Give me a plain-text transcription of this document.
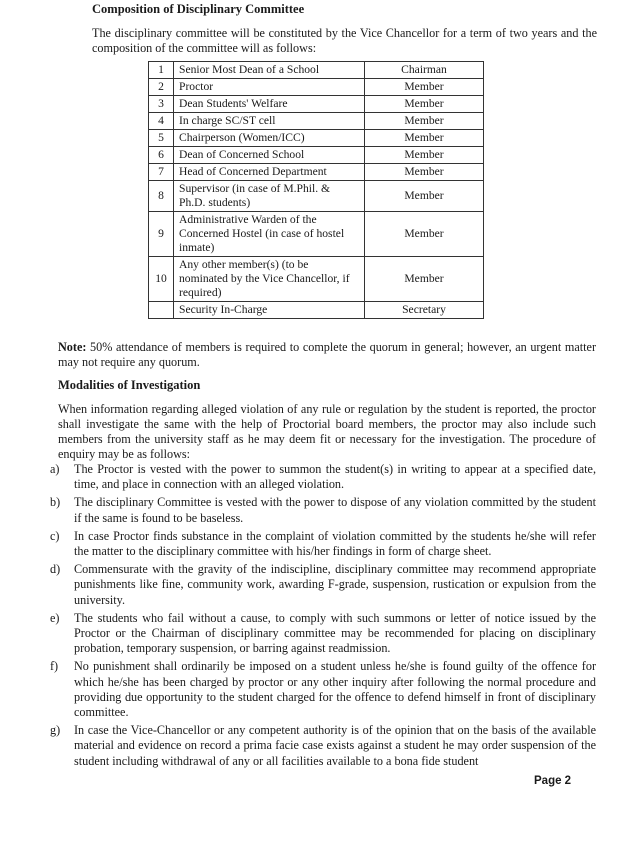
Composition of Disciplinary Committee
The disciplinary committee will be constituted by the Vice Chancellor for a term of two years and the composition of the committee will as follows:
1	Senior Most Dean of a School	Chairman
2	Proctor	Member
3	Dean Students' Welfare	Member
4	In charge SC/ST cell	Member
5	Chairperson (Women/ICC)	Member
6	Dean of Concerned School	Member
7	Head of Concerned Department	Member
8	Supervisor (in case of M.Phil. & Ph.D. students)	Member
9	Administrative Warden of the Concerned Hostel (in case of hostel inmate)	Member
10	Any other member(s) (to be nominated by the Vice Chancellor, if required)	Member
	Security In-Charge	Secretary
Note: 50% attendance of members is required to complete the quorum in general; however, an urgent matter may not require any quorum.
Modalities of Investigation
When information regarding alleged violation of any rule or regulation by the student is reported, the proctor shall investigate the same with the help of Proctorial board members, the proctor may also include such members from the university staff as he may deem fit or necessary for the investigation. The procedure of enquiry may be as follows:
a)	The Proctor is vested with the power to summon the student(s) in writing to appear at a specified date, time, and place in connection with an alleged violation.
b)	The disciplinary Committee is vested with the power to dispose of any violation committed by the student if the same is found to be baseless.
c)	In case Proctor finds substance in the complaint of violation committed by the students he/she will refer the matter to the disciplinary committee with his/her findings in form of charge sheet.
d)	Commensurate with the gravity of the indiscipline, disciplinary committee may recommend appropriate punishments like fine, community work, awarding F-grade, suspension, rustication or expulsion from the university.
e)	The students who fail without a cause, to comply with such summons or letter of notice issued by the Proctor or the Chairman of disciplinary committee may be recommended for placing on disciplinary probation, temporary suspension, or barring against readmission.
f)	No punishment shall ordinarily be imposed on a student unless he/she is found guilty of the offence for which he/she has been charged by proctor or any other inquiry after following the normal procedure and providing due opportunity to the student charged for the offence to defend himself in front of disciplinary committee.
g)	In case the Vice-Chancellor or any competent authority is of the opinion that on the basis of the available material and evidence on record a prima facie case exists against a student he may order suspension of the student including withdrawal of any or all facilities available to a bona fide student
Page 2
